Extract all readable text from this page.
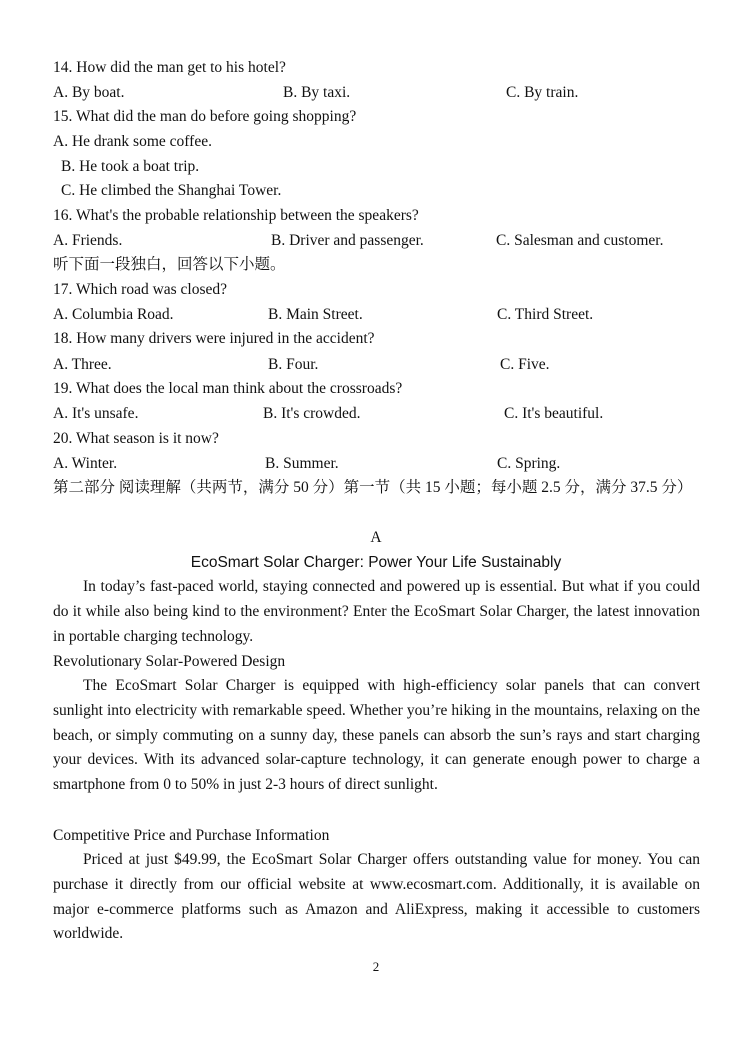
14. How did the man get to his hotel?
A. By boat.	B. By taxi.	C. By train.
15. What did the man do before going shopping?
A. He drank some coffee.
B. He took a boat trip.
C. He climbed the Shanghai Tower.
16. What's the probable relationship between the speakers?
A. Friends.	B. Driver and passenger.	C. Salesman and customer.
听下面一段独白，回答以下小题。
17. Which road was closed?
A. Columbia Road.	B. Main Street.	C. Third Street.
18. How many drivers were injured in the accident?
A. Three.	B. Four.	C. Five.
19. What does the local man think about the crossroads?
A. It's unsafe.	B. It's crowded.	C. It's beautiful.
20. What season is it now?
A. Winter.	B. Summer.	C. Spring.
第二部分 阅读理解（共两节，满分 50 分）第一节（共 15 小题；每小题 2.5 分，满分 37.5 分）
A
EcoSmart Solar Charger: Power Your Life Sustainably
In today’s fast-paced world, staying connected and powered up is essential. But what if you could do it while also being kind to the environment? Enter the EcoSmart Solar Charger, the latest innovation in portable charging technology.
Revolutionary Solar-Powered Design
The EcoSmart Solar Charger is equipped with high-efficiency solar panels that can convert sunlight into electricity with remarkable speed. Whether you’re hiking in the mountains, relaxing on the beach, or simply commuting on a sunny day, these panels can absorb the sun’s rays and start charging your devices. With its advanced solar-capture technology, it can generate enough power to charge a smartphone from 0 to 50% in just 2-3 hours of direct sunlight.
Competitive Price and Purchase Information
Priced at just $49.99, the EcoSmart Solar Charger offers outstanding value for money. You can purchase it directly from our official website at www.ecosmart.com. Additionally, it is available on major e-commerce platforms such as Amazon and AliExpress, making it accessible to customers worldwide.
2
